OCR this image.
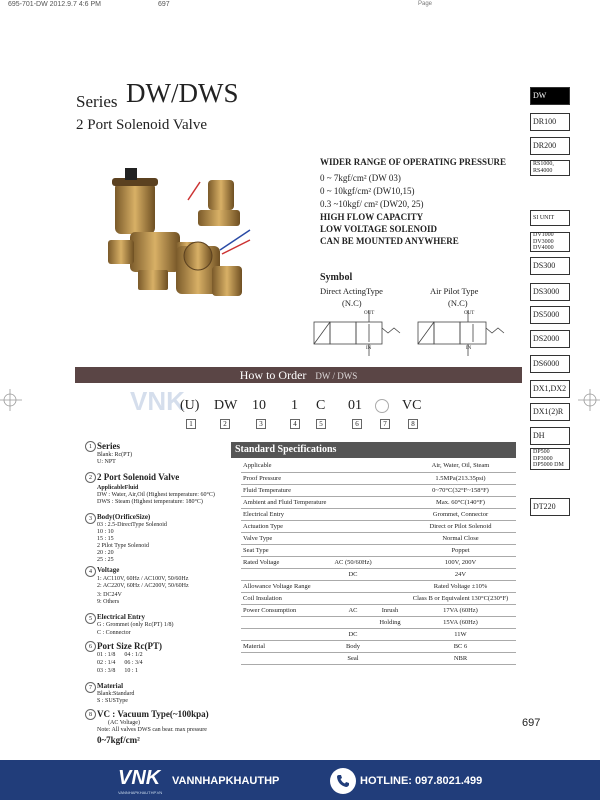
695-701-DW 2012.9.7 4:6 PM	697	Page
Series DW/DWS
2 Port Solenoid Valve
WIDER RANGE OF OPERATING PRESSURE
0 ~ 7kgf/cm² (DW 03)
0 ~ 10kgf/cm² (DW10,15)
0.3 ~10kgf/ cm² (DW20, 25)
HIGH FLOW CAPACITY
LOW VOLTAGE SOLENOID
CAN BE MOUNTED ANYWHERE
Symbol
Direct ActingType
(N.C)
Air Pilot Type
(N.C)
OUT
IN
OUT
IN
DW
DR100
DR200
RS1000, RS4000
SI UNIT
DV1000 DV3000 DV4000
DS300
DS3000
DS5000
DS2000
DS6000
DX1,DX2
DX1(2)R
DH
DP500 DP3000 DP5000 DM
DT220
How to Order DW / DWS
VNK
(U) DW 10 1 C 01	VC
1	2	3	4	5	6	7	8
1 Series
Blank: Rc(PT)
U: NPT
2 2 Port Solenoid Valve
ApplicableFluid
DW : Water, Air,Oil (Highest temperature: 60°C)
DWS : Steam (Highest temperature: 180°C)
3 Body(OrificeSize)
03 : 2.5-DirectType Solenoid
10 : 10
15 : 15
2 Pilot Type Solenoid
20 : 20
25 : 25
4 Voltage
1: AC110V, 60Hz / AC100V, 50/60Hz
2: AC220V, 60Hz / AC200V, 50/60Hz
3: DC24V
9: Others
5 Electrical Entry
G : Grommet (only Rc(PT) 1/8)
C : Connector
6 Port Size Rc(PT)
01 : 1/8      04 : 1/2
02 : 1/4      06 : 3/4
03 : 3/8      10 : 1
7 Material
Blank:Standard
S : SUSType
8 VC : Vacuum Type(~100kpa)
(AC Voltage)
Note: All valves DWS can bear. max pressure
0~7kgf/cm²
Standard Specifications
Applicable			Air, Water, Oil, Steam
Proof Pressure			1.5MPa(213.35psi)
Fluid Temperature			0~70°C(32°F~158°F)
Ambient and Fluid Temperature			Max. 60°C(140°F)
Electrical Entry			Grommet, Connector
Actuation Type			Direct or Pilot Solenoid
Valve Type			Normal Close
Seat Type			Poppet
Rated Voltage	AC (50/60Hz)		100V, 200V
	DC		24V
Allowance Voltage Range			Rated Voltage ±10%
Coil Insulation			Class B or Equivalent 130°C(230°F)
Power Consumption	AC	Inrush	17VA (60Hz)
		Holding	15VA (60Hz)
	DC		11W
Material	Body		BC 6
	Seal		NBR
697
VNK
VANNHAPKHAUTHP.VN
VANNHAPKHAUTHP	HOTLINE: 097.8021.499
